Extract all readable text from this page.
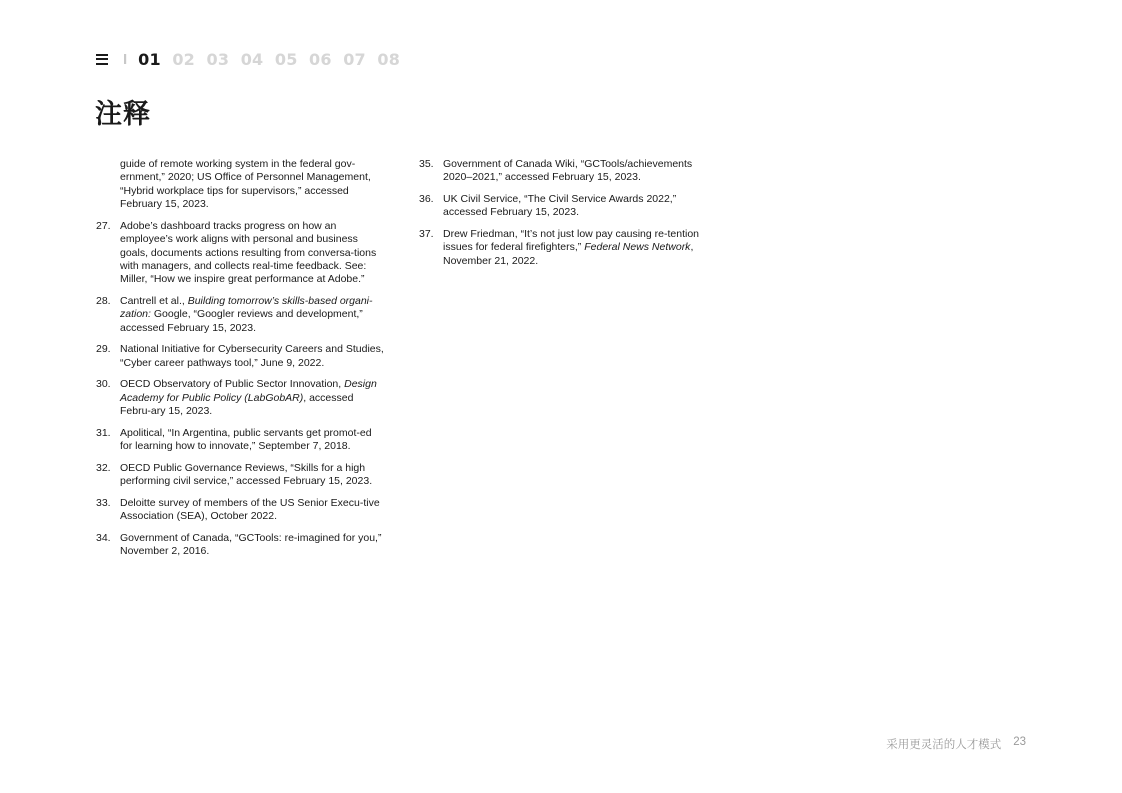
I 01 02 03 04 05 06 07 08
注释
guide of remote working system in the federal gov-ernment,” 2020; US Office of Personnel Management, “Hybrid workplace tips for supervisors,” accessed February 15, 2023.
27. Adobe’s dashboard tracks progress on how an employee’s work aligns with personal and business goals, documents actions resulting from conversa-tions with managers, and collects real-time feedback. See: Miller, “How we inspire great performance at Adobe.”
28. Cantrell et al., Building tomorrow’s skills-based organi-zation: Google, “Googler reviews and development,” accessed February 15, 2023.
29. National Initiative for Cybersecurity Careers and Studies, “Cyber career pathways tool,” June 9, 2022.
30. OECD Observatory of Public Sector Innovation, Design Academy for Public Policy (LabGobAR), accessed Febru-ary 15, 2023.
31. Apolitical, “In Argentina, public servants get promot-ed for learning how to innovate,” September 7, 2018.
32. OECD Public Governance Reviews, “Skills for a high performing civil service,” accessed February 15, 2023.
33. Deloitte survey of members of the US Senior Execu-tive Association (SEA), October 2022.
34. Government of Canada, “GCTools: re-imagined for you,” November 2, 2016.
35. Government of Canada Wiki, “GCTools/achievements 2020–2021,” accessed February 15, 2023.
36. UK Civil Service, “The Civil Service Awards 2022,” accessed February 15, 2023.
37. Drew Friedman, “It’s not just low pay causing re-tention issues for federal firefighters,” Federal News Network, November 21, 2022.
采用更灵活的人才模式 23
